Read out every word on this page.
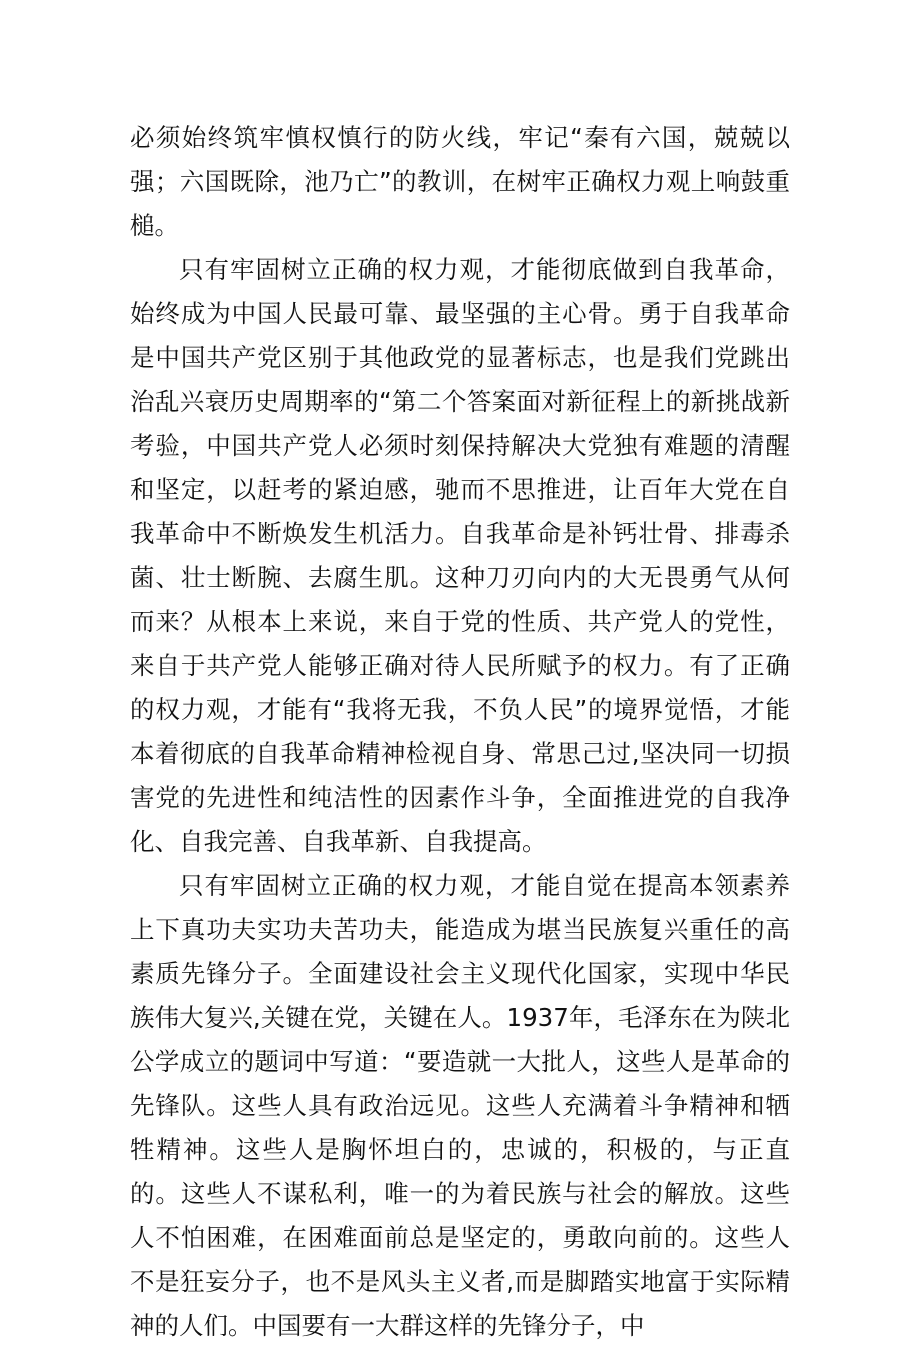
必须始终筑牢慎权慎行的防火线，牢记“秦有六国，兢兢以强；六国既除，池乃亡”的教训，在树牢正确权力观上响鼓重槌。

只有牢固树立正确的权力观，才能彻底做到自我革命，始终成为中国人民最可靠、最坚强的主心骨。勇于自我革命是中国共产党区别于其他政党的显著标志，也是我们党跳出治乱兴衰历史周期率的“第二个答案面对新征程上的新挑战新考验，中国共产党人必须时刻保持解决大党独有难题的清醒和坚定，以赶考的紧迫感，驰而不思推进，让百年大党在自我革命中不断焕发生机活力。自我革命是补钙壮骨、排毒杀菌、壮士断腕、去腐生肌。这种刀刃向内的大无畏勇气从何而来？从根本上来说，来自于党的性质、共产党人的党性，来自于共产党人能够正确对待人民所赋予的权力。有了正确的权力观，才能有“我将无我，不负人民”的境界觉悟，才能本着彻底的自我革命精神检视自身、常思己过,坚决同一切损害党的先进性和纯洁性的因素作斗争，全面推进党的自我净化、自我完善、自我革新、自我提高。

只有牢固树立正确的权力观，才能自觉在提高本领素养上下真功夫实功夫苦功夫，能造成为堪当民族复兴重任的高素质先锋分子。全面建设社会主义现代化国家，实现中华民族伟大复兴,关键在党，关键在人。1937年，毛泽东在为陕北公学成立的题词中写道：“要造就一大批人，这些人是革命的先锋队。这些人具有政治远见。这些人充满着斗争精神和牺牲精神。这些人是胸怀坦白的，忠诚的，积极的，与正直的。这些人不谋私利，唯一的为着民族与社会的解放。这些人不怕困难，在困难面前总是坚定的，勇敢向前的。这些人不是狂妄分子，也不是风头主义者,而是脚踏实地富于实际精神的人们。中国要有一大群这样的先锋分子，中
